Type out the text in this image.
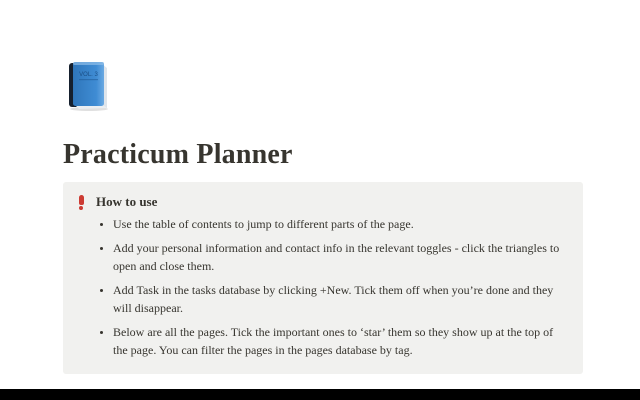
VOL. 3
Practicum Planner
How to use
• Use the table of contents to jump to different parts of the page.
• Add your personal information and contact info in the relevant toggles - click the triangles to open and close them.
• Add Task in the tasks database by clicking +New. Tick them off when you’re done and they will disappear.
• Below are all the pages. Tick the important ones to ‘star’ them so they show up at the top of the page. You can filter the pages in the pages database by tag.
